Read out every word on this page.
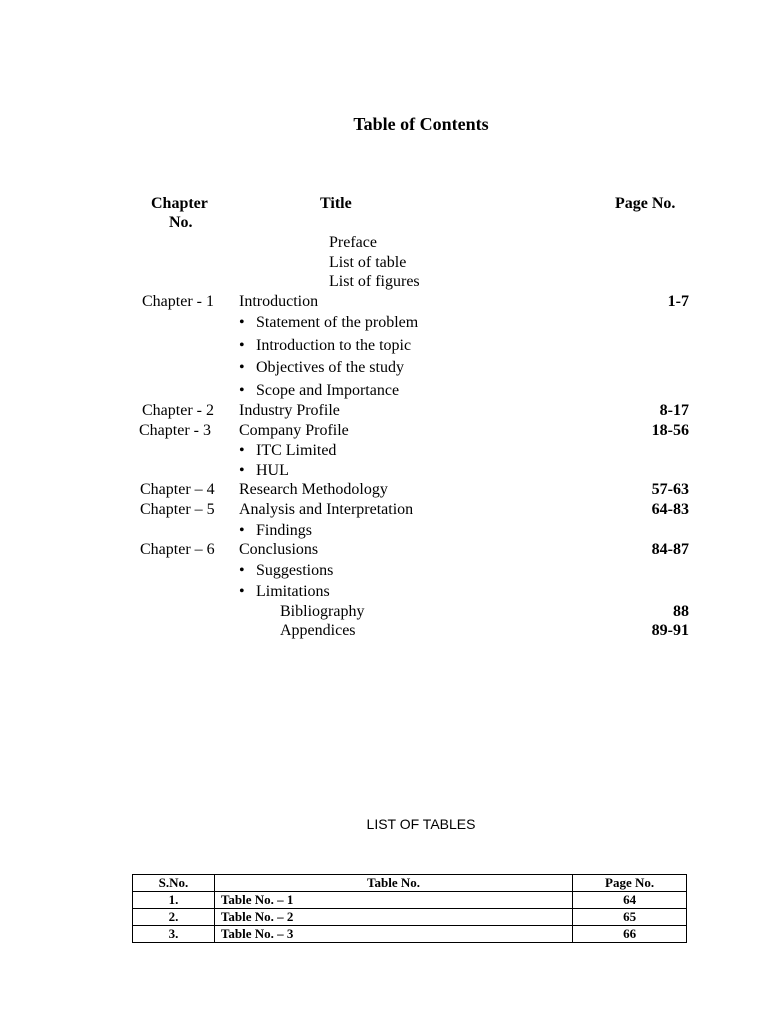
Table of Contents
Chapter
No.
Title	Page No.
Preface
List of table
List of figures
Chapter - 1 Introduction	1-7
• Statement of the problem
• Introduction to the topic
• Objectives of the study
• Scope and Importance
Chapter - 2 Industry Profile	8-17
Chapter - 3 Company Profile	18-56
• ITC Limited
• HUL
Chapter – 4 Research Methodology	57-63
Chapter – 5 Analysis and Interpretation	64-83
• Findings
Chapter – 6 Conclusions	84-87
• Suggestions
• Limitations
Bibliography	88
Appendices	89-91
LIST OF TABLES
S.No.	Table No.	Page No.
1.	Table No. – 1	64
2.	Table No. – 2	65
3.	Table No. – 3	66
